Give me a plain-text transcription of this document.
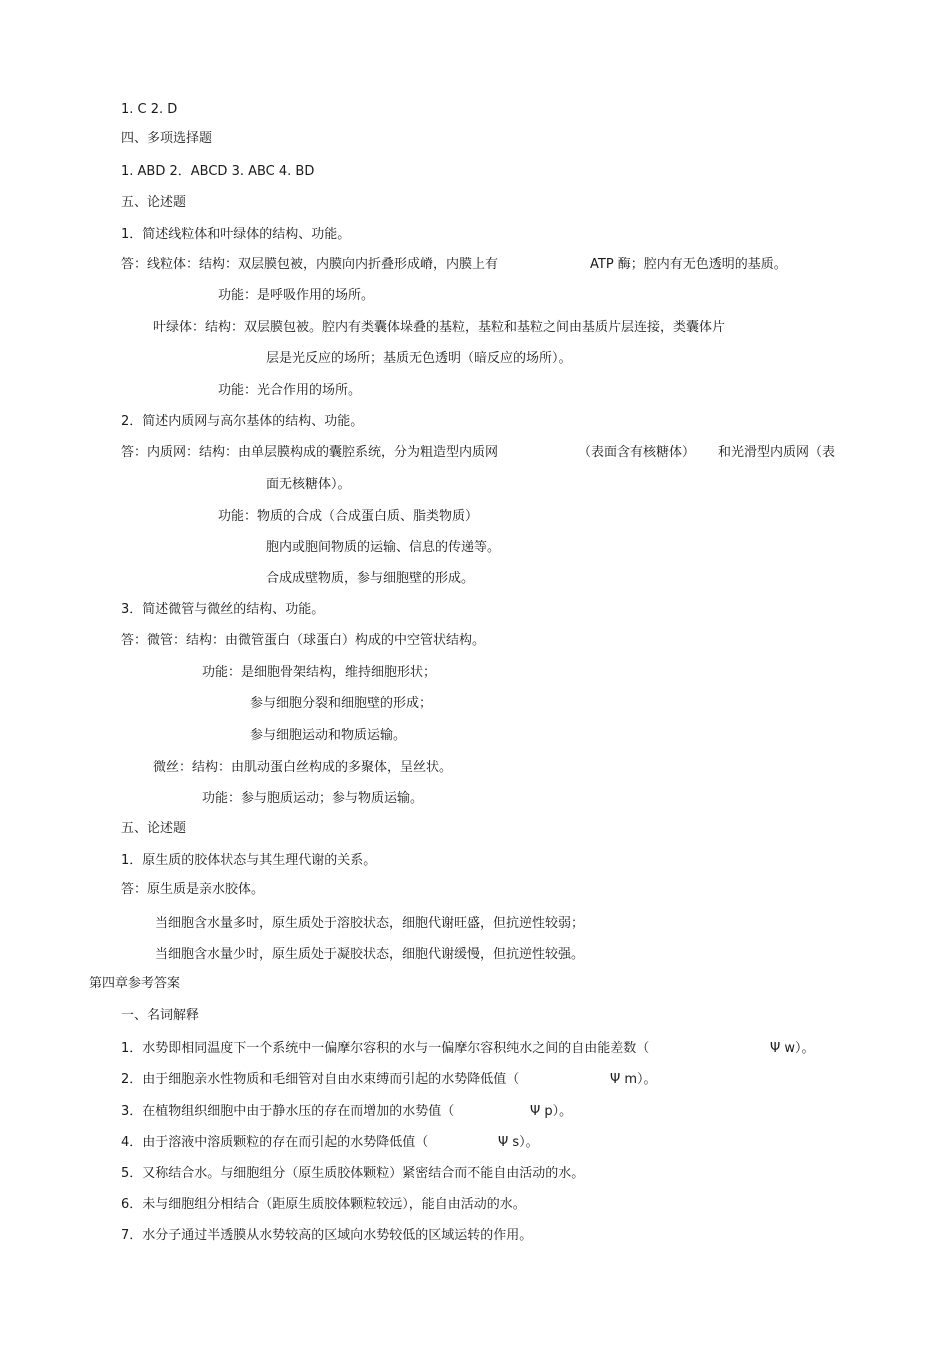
1. C 2. D
四、多项选择题
1. ABD 2．ABCD 3. ABC 4. BD
五、论述题
1．简述线粒体和叶绿体的结构、功能。
答：线粒体：结构：双层膜包被，内膜向内折叠形成嵴，内膜上有	ATP 酶；腔内有无色透明的基质。
功能：是呼吸作用的场所。
叶绿体：结构：双层膜包被。腔内有类囊体垛叠的基粒，基粒和基粒之间由基质片层连接，类囊体片
层是光反应的场所；基质无色透明（暗反应的场所）。
功能：光合作用的场所。
2．简述内质网与高尔基体的结构、功能。
答：内质网：结构：由单层膜构成的囊腔系统，分为粗造型内质网	（表面含有核糖体） 和光滑型内质网（表
面无核糖体）。
功能：物质的合成（合成蛋白质、脂类物质）
胞内或胞间物质的运输、信息的传递等。
合成成壁物质，参与细胞壁的形成。
3．简述微管与微丝的结构、功能。
答：微管：结构：由微管蛋白（球蛋白）构成的中空管状结构。
功能：是细胞骨架结构，维持细胞形状；
参与细胞分裂和细胞壁的形成；
参与细胞运动和物质运输。
微丝：结构：由肌动蛋白丝构成的多聚体，呈丝状。
功能：参与胞质运动；参与物质运输。
五、论述题
1．原生质的胶体状态与其生理代谢的关系。
答：原生质是亲水胶体。
当细胞含水量多时，原生质处于溶胶状态，细胞代谢旺盛，但抗逆性较弱；
当细胞含水量少时，原生质处于凝胶状态，细胞代谢缓慢，但抗逆性较强。
第四章参考答案
一、名词解释
1．水势即相同温度下一个系统中一偏摩尔容积的水与一偏摩尔容积纯水之间的自由能差数（	Ψ w）。
2．由于细胞亲水性物质和毛细管对自由水束缚而引起的水势降低值（	Ψ m）。
3．在植物组织细胞中由于静水压的存在而增加的水势值（	Ψ p）。
4．由于溶液中溶质颗粒的存在而引起的水势降低值（	Ψ s）。
5．又称结合水。与细胞组分（原生质胶体颗粒）紧密结合而不能自由活动的水。
6．未与细胞组分相结合（距原生质胶体颗粒较远），能自由活动的水。
7．水分子通过半透膜从水势较高的区域向水势较低的区域运转的作用。
